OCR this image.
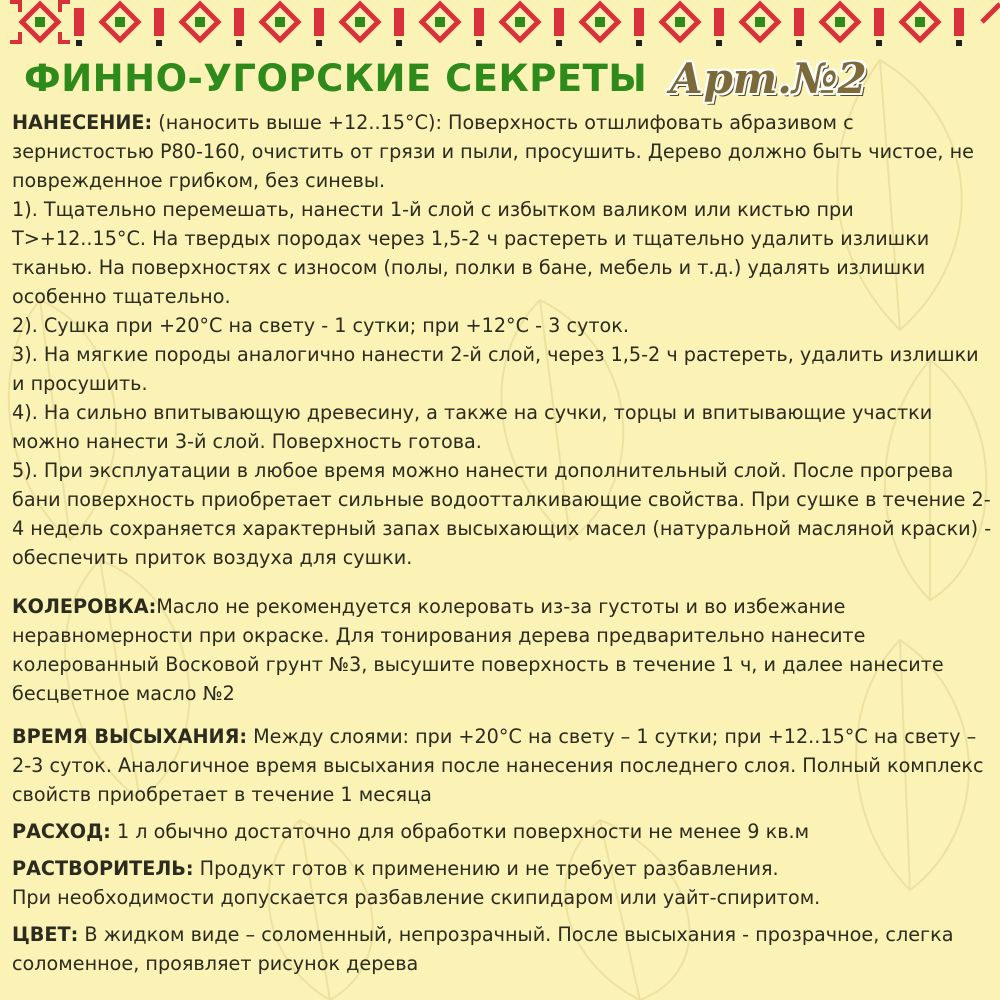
ФИННО-УГОРСКИЕ СЕКРЕТЫ Арт.№2

НАНЕСЕНИЕ: (наносить выше +12..15°С): Поверхность отшлифовать абразивом с зернистостью Р80-160, очистить от грязи и пыли, просушить. Дерево должно быть чистое, не поврежденное грибком, без синевы.

1). Тщательно перемешать, нанести 1-й слой с избытком валиком или кистью при Т>+12..15°С. На твердых породах через 1,5-2 ч растереть и тщательно удалить излишки тканью. На поверхностях с износом (полы, полки в бане, мебель и т.д.) удалять излишки особенно тщательно.

2). Сушка при +20°С на свету - 1 сутки; при +12°С - 3 суток.

3). На мягкие породы аналогично нанести 2-й слой, через 1,5-2 ч растереть, удалить излишки и просушить.

4). На сильно впитывающую древесину, а также на сучки, торцы и впитывающие участки можно нанести 3-й слой. Поверхность готова.

5). При эксплуатации в любое время можно нанести дополнительный слой. После прогрева бани поверхность приобретает сильные водоотталкивающие свойства. При сушке в течение 2-4 недель сохраняется характерный запах высыхающих масел (натуральной масляной краски) - обеспечить приток воздуха для сушки.

КОЛЕРОВКА:Масло не рекомендуется колеровать из-за густоты и во избежание неравномерности при окраске. Для тонирования дерева предварительно нанесите колерованный Восковой грунт №3, высушите поверхность в течение 1 ч, и далее нанесите бесцветное масло №2

ВРЕМЯ ВЫСЫХАНИЯ: Между слоями: при +20°С на свету – 1 сутки; при +12..15°С на свету – 2-3 суток. Аналогичное время высыхания после нанесения последнего слоя. Полный комплекс свойств приобретает в течение 1 месяца

РАСХОД: 1 л обычно достаточно для обработки поверхности не менее 9 кв.м

РАСТВОРИТЕЛЬ: Продукт готов к применению и не требует разбавления.

При необходимости допускается разбавление скипидаром или уайт-спиритом.

ЦВЕТ: В жидком виде – соломенный, непрозрачный. После высыхания - прозрачное, слегка соломенное, проявляет рисунок дерева
